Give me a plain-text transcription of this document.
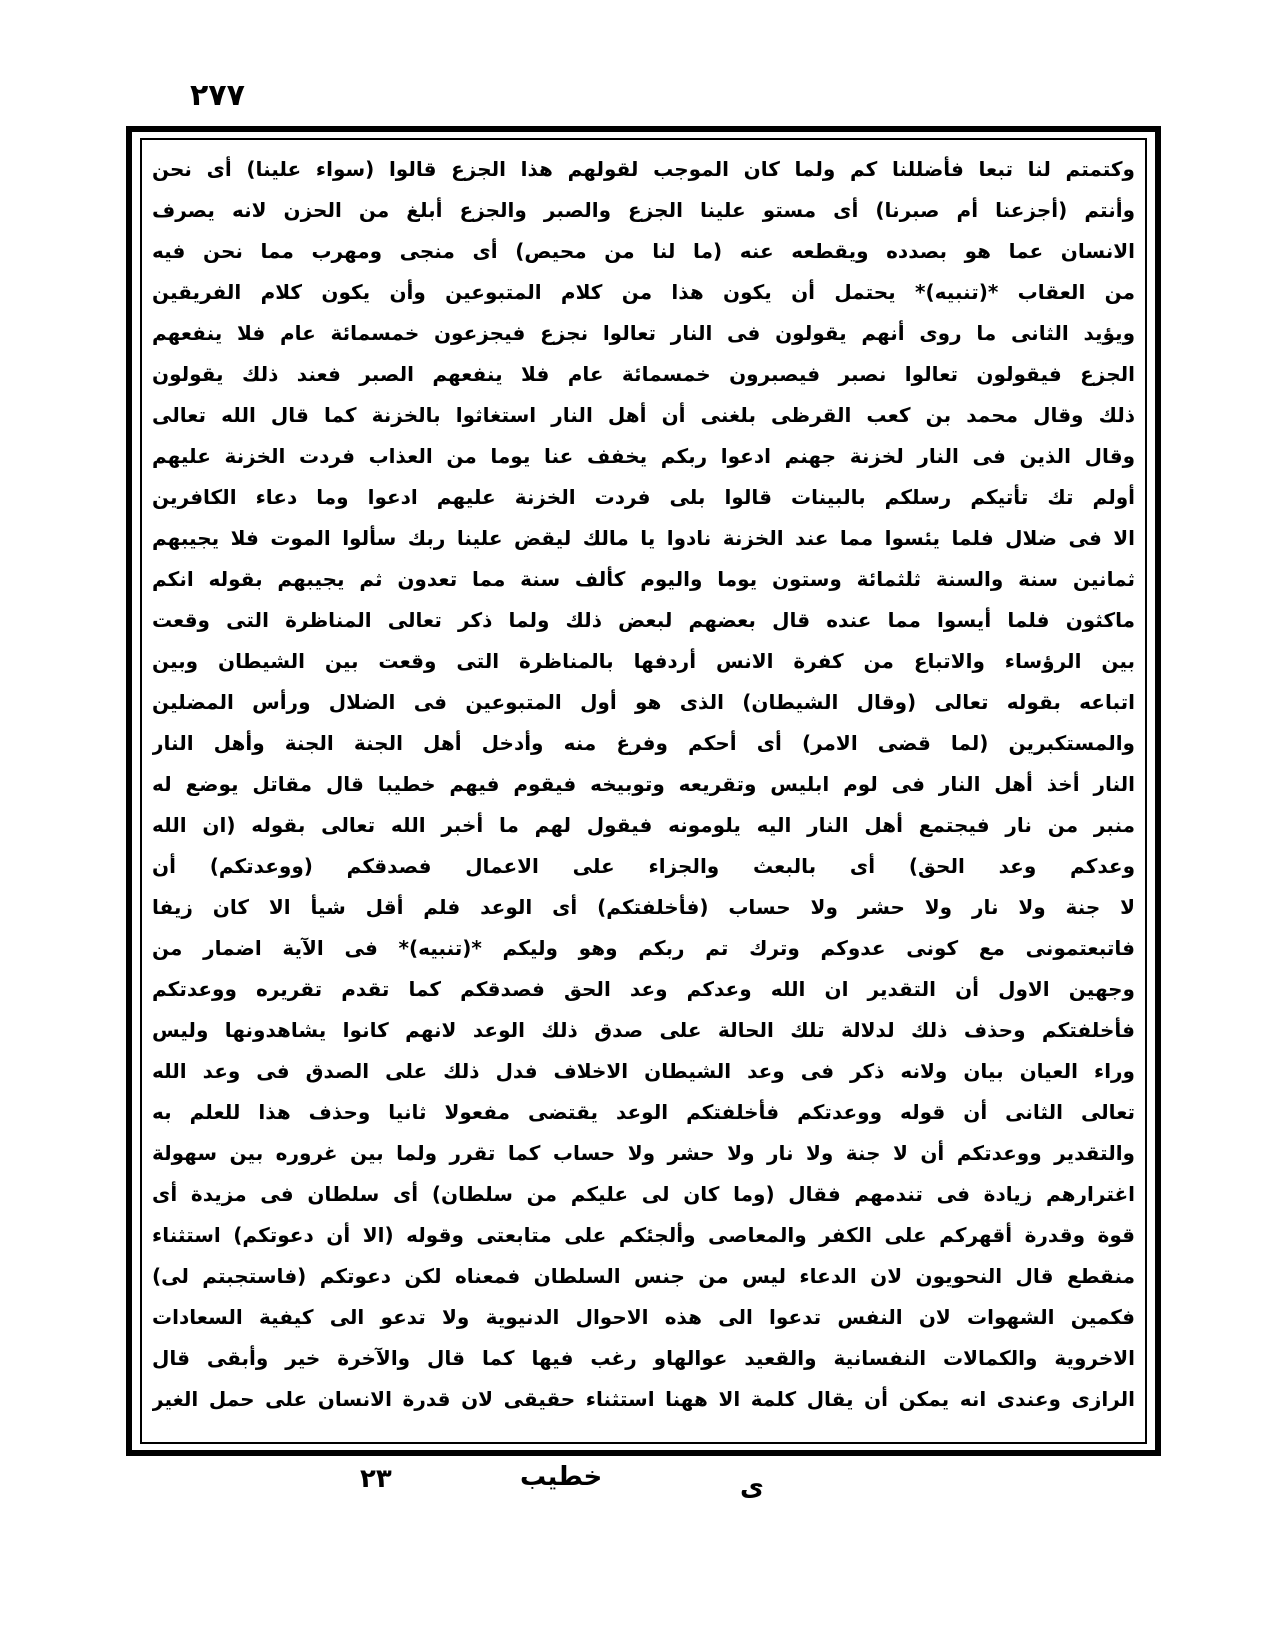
٢٧٧
وكتمتم لنا تبعا فأضللنا كم ولما كان الموجب لقولهم هذا الجزع قالوا (سواء علينا) أى نحن
وأنتم (أجزعنا أم صبرنا) أى مستو علينا الجزع والصبر والجزع أبلغ من الحزن لانه يصرف
الانسان عما هو بصدده ويقطعه عنه (ما لنا من محيص) أى منجى ومهرب مما نحن فيه
من العقاب *(تنبيه)* يحتمل أن يكون هذا من كلام المتبوعين وأن يكون كلام الفريقين
ويؤيد الثانى ما روى أنهم يقولون فى النار تعالوا نجزع فيجزعون خمسمائة عام فلا ينفعهم
الجزع فيقولون تعالوا نصبر فيصبرون خمسمائة عام فلا ينفعهم الصبر فعند ذلك يقولون
ذلك وقال محمد بن كعب القرظى بلغنى أن أهل النار استغاثوا بالخزنة كما قال الله تعالى
وقال الذين فى النار لخزنة جهنم ادعوا ربكم يخفف عنا يوما من العذاب فردت الخزنة عليهم
أولم تك تأتيكم رسلكم بالبينات قالوا بلى فردت الخزنة عليهم ادعوا وما دعاء الكافرين
الا فى ضلال فلما يئسوا مما عند الخزنة نادوا يا مالك ليقض علينا ربك سألوا الموت فلا يجيبهم
ثمانين سنة والسنة ثلثمائة وستون يوما واليوم كألف سنة مما تعدون ثم يجيبهم بقوله انكم
ماكثون فلما أيسوا مما عنده قال بعضهم لبعض ذلك ولما ذكر تعالى المناظرة التى وقعت
بين الرؤساء والاتباع من كفرة الانس أردفها بالمناظرة التى وقعت بين الشيطان وبين
اتباعه بقوله تعالى (وقال الشيطان) الذى هو أول المتبوعين فى الضلال ورأس المضلين
والمستكبرين (لما قضى الامر) أى أحكم وفرغ منه وأدخل أهل الجنة الجنة وأهل النار
النار أخذ أهل النار فى لوم ابليس وتقريعه وتوبيخه فيقوم فيهم خطيبا قال مقاتل يوضع له
منبر من نار فيجتمع أهل النار اليه يلومونه فيقول لهم ما أخبر الله تعالى بقوله (ان الله
وعدكم وعد الحق) أى بالبعث والجزاء على الاعمال فصدقكم (ووعدتكم) أن
لا جنة ولا نار ولا حشر ولا حساب (فأخلفتكم) أى الوعد فلم أقل شيأ الا كان زيفا
فاتبعتمونى مع كونى عدوكم وترك تم ربكم وهو وليكم *(تنبيه)* فى الآية اضمار من
وجهين الاول أن التقدير ان الله وعدكم وعد الحق فصدقكم كما تقدم تقريره ووعدتكم
فأخلفتكم وحذف ذلك لدلالة تلك الحالة على صدق ذلك الوعد لانهم كانوا يشاهدونها وليس
وراء العيان بيان ولانه ذكر فى وعد الشيطان الاخلاف فدل ذلك على الصدق فى وعد الله
تعالى الثانى أن قوله ووعدتكم فأخلفتكم الوعد يقتضى مفعولا ثانيا وحذف هذا للعلم به
والتقدير ووعدتكم أن لا جنة ولا نار ولا حشر ولا حساب كما تقرر ولما بين غروره بين سهولة
اغترارهم زيادة فى تندمهم فقال (وما كان لى عليكم من سلطان) أى سلطان فى مزيدة أى
قوة وقدرة أقهركم على الكفر والمعاصى وألجئكم على متابعتى وقوله (الا أن دعوتكم) استثناء
منقطع قال النحويون لان الدعاء ليس من جنس السلطان فمعناه لكن دعوتكم (فاستجبتم لى)
فكمين الشهوات لان النفس تدعوا الى هذه الاحوال الدنيوية ولا تدعو الى كيفية السعادات
الاخروية والكمالات النفسانية والقعيد عوالهاو رغب فيها كما قال والآخرة خير وأبقى قال
الرازى وعندى انه يمكن أن يقال كلمة الا ههنا استثناء حقيقى لان قدرة الانسان على حمل الغير
٢٣	خطيب	ى
